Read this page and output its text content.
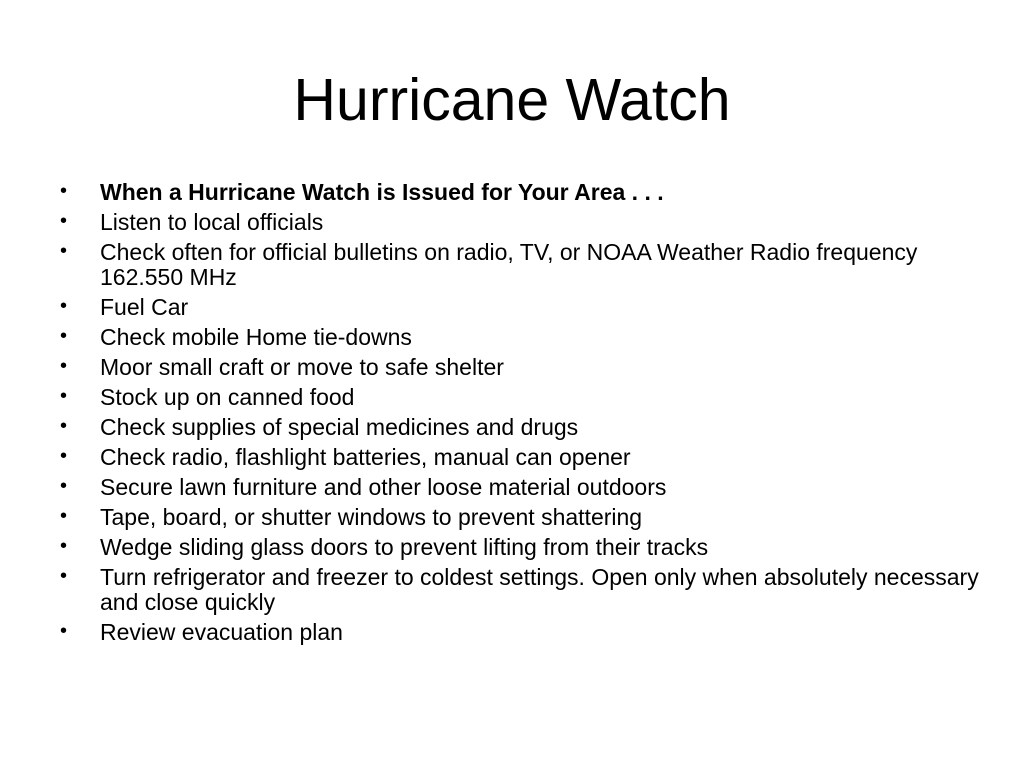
Hurricane Watch
•	When a Hurricane Watch is Issued for Your Area . . .
•	Listen to local officials
•	Check often for official bulletins on radio, TV, or NOAA Weather Radio frequency 162.550 MHz
•	Fuel Car
•	Check mobile Home tie-downs
•	Moor small craft or move to safe shelter
•	Stock up on canned food
•	Check supplies of special medicines and drugs
•	Check radio, flashlight batteries, manual can opener
•	Secure lawn furniture and other loose material outdoors
•	Tape, board, or shutter windows to prevent shattering
•	Wedge sliding glass doors to prevent lifting from their tracks
•	Turn refrigerator and freezer to coldest settings. Open only when absolutely necessary and close quickly
•	Review evacuation plan
